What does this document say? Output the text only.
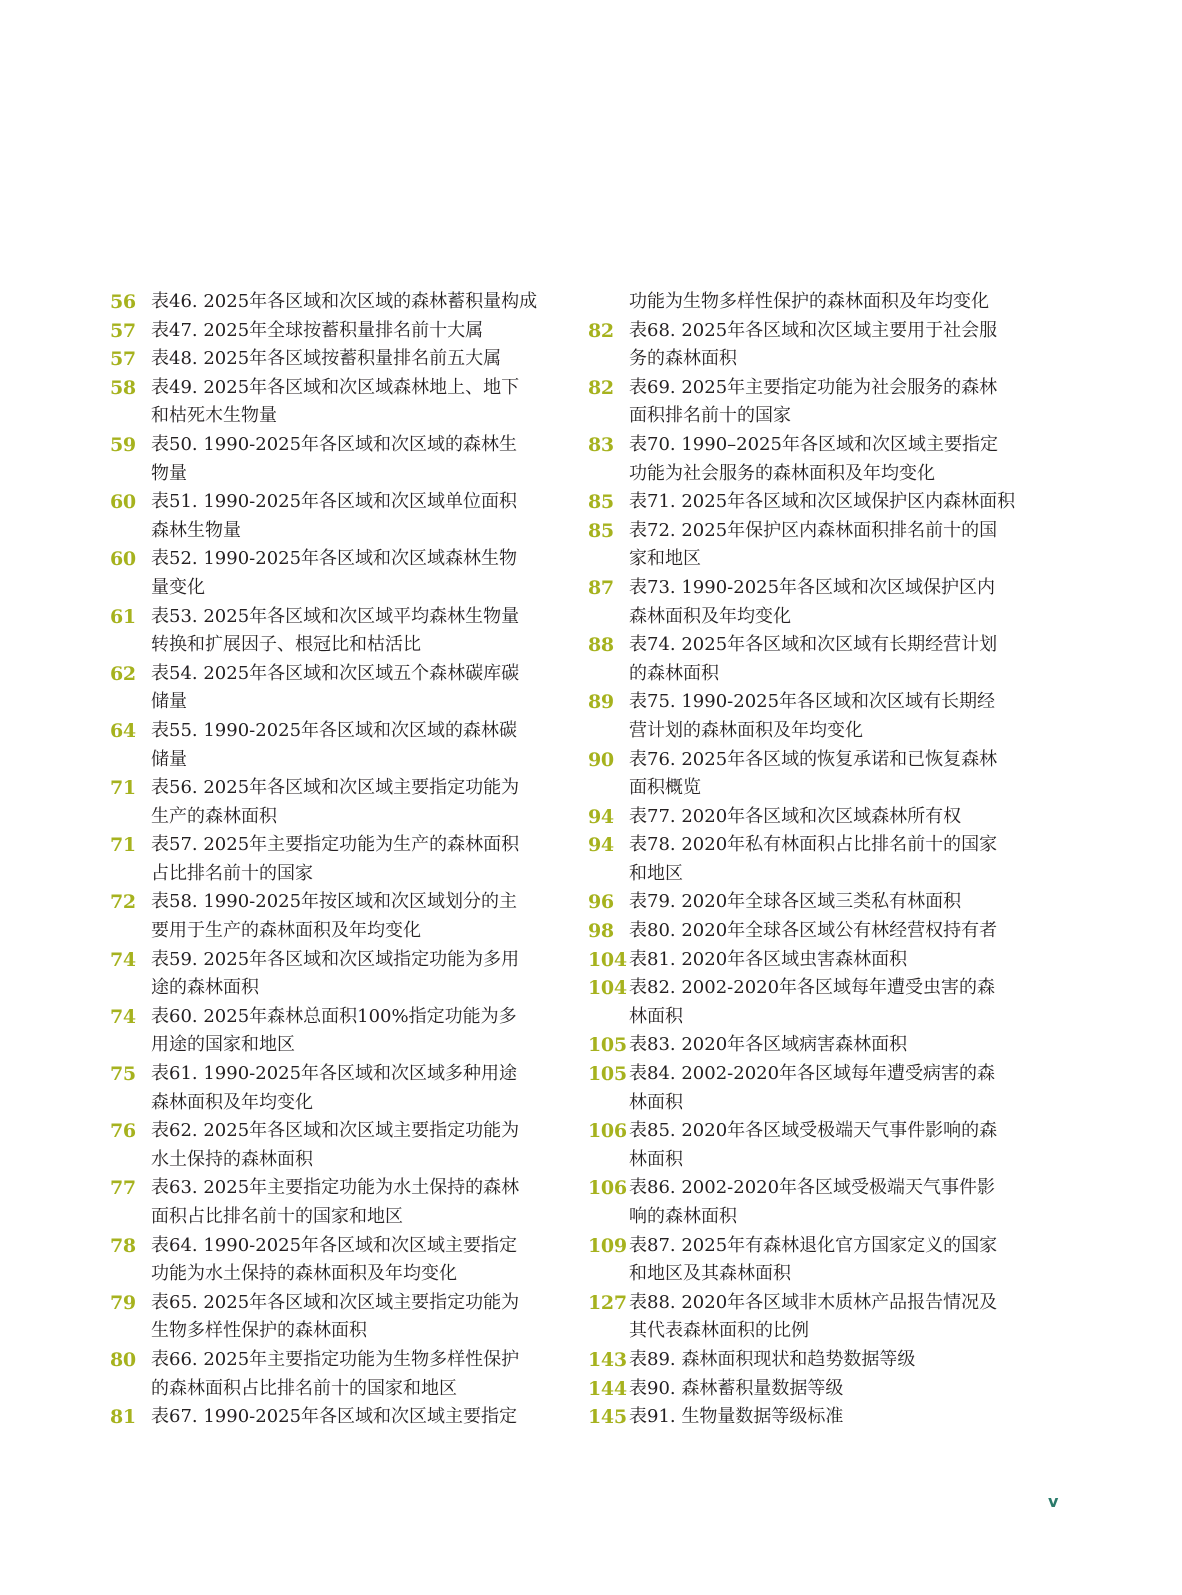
56 表46. 2025年各区域和次区域的森林蓄积量构成
57 表47. 2025年全球按蓄积量排名前十大属
57 表48. 2025年各区域按蓄积量排名前五大属
58 表49. 2025年各区域和次区域森林地上、地下
和枯死木生物量
59 表50. 1990-2025年各区域和次区域的森林生
物量
60 表51. 1990-2025年各区域和次区域单位面积
森林生物量
60 表52. 1990-2025年各区域和次区域森林生物
量变化
61 表53. 2025年各区域和次区域平均森林生物量
转换和扩展因子、根冠比和枯活比
62 表54. 2025年各区域和次区域五个森林碳库碳
储量
64 表55. 1990-2025年各区域和次区域的森林碳
储量
71 表56. 2025年各区域和次区域主要指定功能为
生产的森林面积
71 表57. 2025年主要指定功能为生产的森林面积
占比排名前十的国家
72 表58. 1990-2025年按区域和次区域划分的主
要用于生产的森林面积及年均变化
74 表59. 2025年各区域和次区域指定功能为多用
途的森林面积
74 表60. 2025年森林总面积100%指定功能为多
用途的国家和地区
75 表61. 1990-2025年各区域和次区域多种用途
森林面积及年均变化
76 表62. 2025年各区域和次区域主要指定功能为
水土保持的森林面积
77 表63. 2025年主要指定功能为水土保持的森林
面积占比排名前十的国家和地区
78 表64. 1990-2025年各区域和次区域主要指定
功能为水土保持的森林面积及年均变化
79 表65. 2025年各区域和次区域主要指定功能为
生物多样性保护的森林面积
80 表66. 2025年主要指定功能为生物多样性保护
的森林面积占比排名前十的国家和地区
81 表67. 1990-2025年各区域和次区域主要指定
功能为生物多样性保护的森林面积及年均变化
82 表68. 2025年各区域和次区域主要用于社会服
务的森林面积
82 表69. 2025年主要指定功能为社会服务的森林
面积排名前十的国家
83 表70. 1990–2025年各区域和次区域主要指定
功能为社会服务的森林面积及年均变化
85 表71. 2025年各区域和次区域保护区内森林面积
85 表72. 2025年保护区内森林面积排名前十的国
家和地区
87 表73. 1990-2025年各区域和次区域保护区内
森林面积及年均变化
88 表74. 2025年各区域和次区域有长期经营计划
的森林面积
89 表75. 1990-2025年各区域和次区域有长期经
营计划的森林面积及年均变化
90 表76. 2025年各区域的恢复承诺和已恢复森林
面积概览
94 表77. 2020年各区域和次区域森林所有权
94 表78. 2020年私有林面积占比排名前十的国家
和地区
96 表79. 2020年全球各区域三类私有林面积
98 表80. 2020年全球各区域公有林经营权持有者
104 表81. 2020年各区域虫害森林面积
104 表82. 2002-2020年各区域每年遭受虫害的森
林面积
105 表83. 2020年各区域病害森林面积
105 表84. 2002-2020年各区域每年遭受病害的森
林面积
106 表85. 2020年各区域受极端天气事件影响的森
林面积
106 表86. 2002-2020年各区域受极端天气事件影
响的森林面积
109 表87. 2025年有森林退化官方国家定义的国家
和地区及其森林面积
127 表88. 2020年各区域非木质林产品报告情况及
其代表森林面积的比例
143 表89. 森林面积现状和趋势数据等级
144 表90. 森林蓄积量数据等级
145 表91. 生物量数据等级标准
v
